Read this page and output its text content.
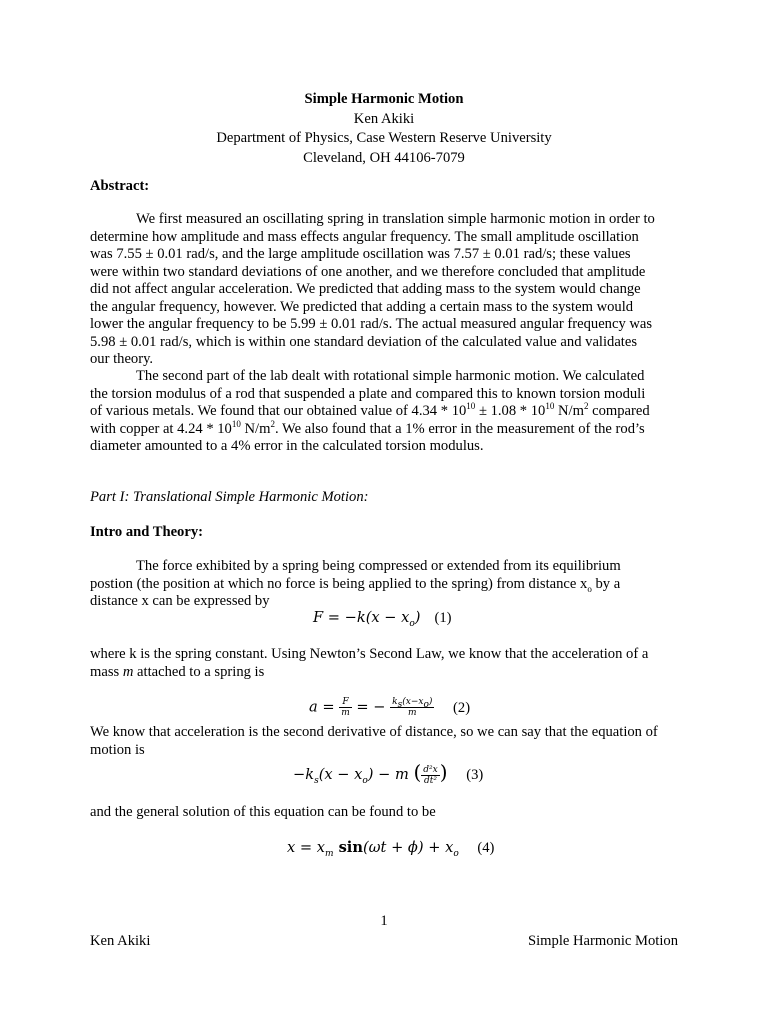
Simple Harmonic Motion
Ken Akiki
Department of Physics, Case Western Reserve University
Cleveland, OH 44106-7079
Abstract:
We first measured an oscillating spring in translation simple harmonic motion in order to
determine how amplitude and mass effects angular frequency. The small amplitude oscillation
was 7.55 ± 0.01 rad/s, and the large amplitude oscillation was 7.57 ± 0.01 rad/s; these values
were within two standard deviations of one another, and we therefore concluded that amplitude
did not affect angular acceleration. We predicted that adding mass to the system would change
the angular frequency, however. We predicted that adding a certain mass to the system would
lower the angular frequency to be 5.99 ± 0.01 rad/s. The actual measured angular frequency was
5.98 ± 0.01 rad/s, which is within one standard deviation of the calculated value and validates
our theory.
The second part of the lab dealt with rotational simple harmonic motion. We calculated
the torsion modulus of a rod that suspended a plate and compared this to known torsion moduli
of various metals. We found that our obtained value of $4.34 * 10^{10} \pm 1.08 * 10^{10}$ $N/m^2$ compared
with copper at $4.24 * 10^{10}$ $N/m^2$. We also found that a 1% error in the measurement of the rod’s
diameter amounted to a 4% error in the calculated torsion modulus.
Part I: Translational Simple Harmonic Motion:
Intro and Theory:
The force exhibited by a spring being compressed or extended from its equilibrium
postion (the position at which no force is being applied to the spring) from distance $x_o$ by a
distance x can be expressed by
$F = -k(x - x_o)$ (1)
where k is the spring constant. Using Newton’s Second Law, we know that the acceleration of a
mass m attached to a spring is
$a = \frac{F}{m}$ = − $\frac{k_s(x-x_o)}{m} (2)$
We know that acceleration is the second derivative of distance, so we can say that the equation of
motion is
$-k_s(x - x_o) - m$ ( $\frac{\text{d²x}}{\text{dt²}}$ ) (3)
and the general solution of this equation can be found to be
$x = x_m$ $\sin(\omega t + \phi) + x_o$ (4)
1
Ken Akiki	Simple Harmonic Motion
